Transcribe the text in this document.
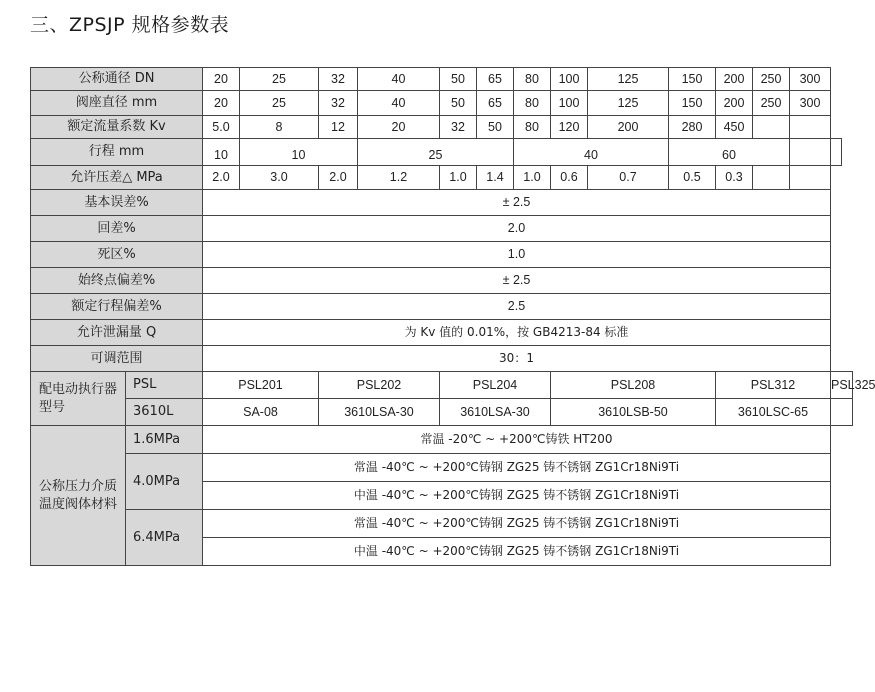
三、ZPSJP 规格参数表
公称通径 DN		20	25	32	40	50	65	80	100	125	150	200	250	300	
阀座直径 mm		20	25	32	40	50	65	80	100	125	150	200	250	300	
额定流量系数 Kv		5.0	8	12	20	32	50	80	120	200	280	450			
行程 mm		10	10		25			40			60				
允许压差△ MPa		2.0	3.0	2.0	1.2	1.0	1.4	1.0	0.6	0.7	0.5	0.3			
基本误差%		± 2.5													
回差%		2.0													
死区%		1.0													
始终点偏差%		± 2.5													
额定行程偏差%		2.5													
允许泄漏量 Q		为 Kv 值的 0.01%，按 GB4213-84 标准													
可调范围		30：1													
配电动执行器型号	PSL	PSL201		PSL202		PSL204			PSL208			PSL312			PSL325
	3610L	SA-08		3610LSA-30		3610LSA-30			3610LSB-50			3610LSC-65			
公称压力介质温度阀体材料	1.6MPa	常温 -20℃ ~ +200℃铸铁 HT200													
	4.0MPa	常温 -40℃ ~ +200℃铸钢 ZG25 铸不锈钢 ZG1Cr18Ni9Ti													
		中温 -40℃ ~ +200℃铸钢 ZG25 铸不锈钢 ZG1Cr18Ni9Ti													
	6.4MPa	常温 -40℃ ~ +200℃铸钢 ZG25 铸不锈钢 ZG1Cr18Ni9Ti													
		中温 -40℃ ~ +200℃铸钢 ZG25 铸不锈钢 ZG1Cr18Ni9Ti													
